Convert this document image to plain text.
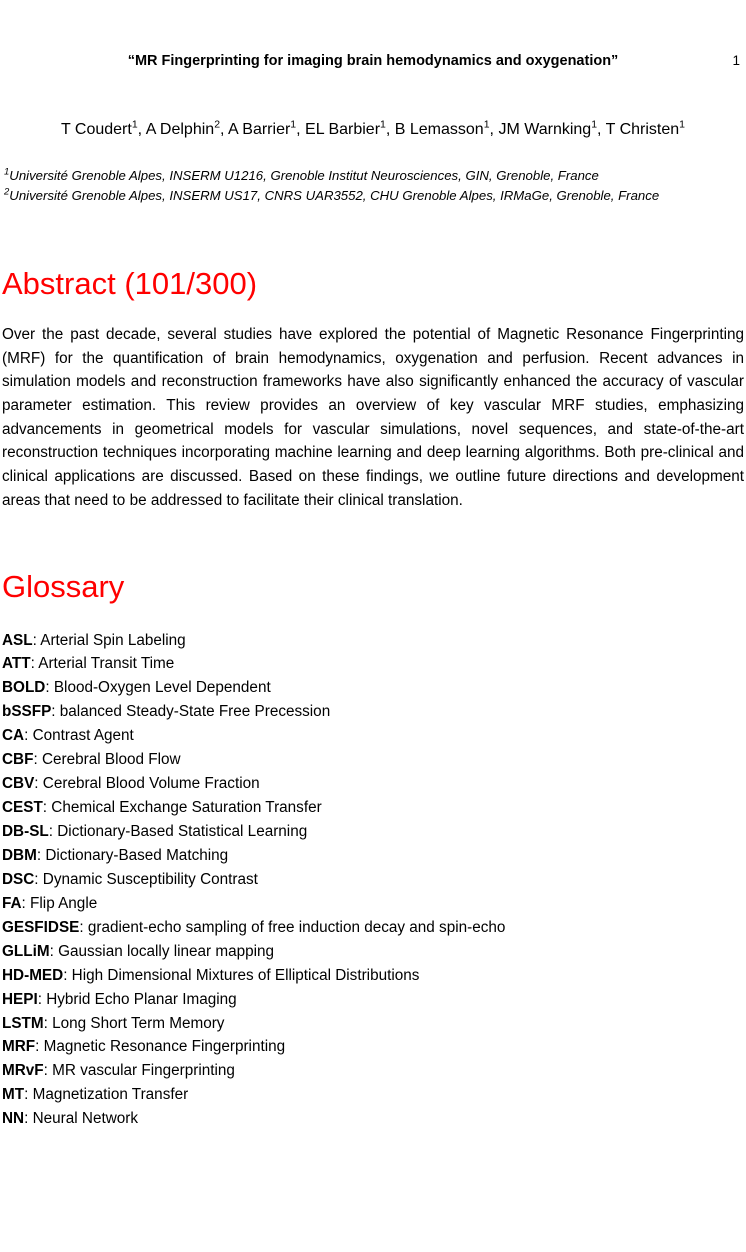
1
“MR Fingerprinting for imaging brain hemodynamics and oxygenation”
T Coudert$^1$, A Delphin$^2$, A Barrier$^1$, EL Barbier$^1$, B Lemasson$^1$, JM Warnking$^1$, T Christen$^1$
$^1$Université Grenoble Alpes, INSERM U1216, Grenoble Institut Neurosciences, GIN, Grenoble, France
$^2$Université Grenoble Alpes, INSERM US17, CNRS UAR3552, CHU Grenoble Alpes, IRMaGe, Grenoble, France
Abstract (101/300)
Over the past decade, several studies have explored the potential of Magnetic Resonance Fingerprinting (MRF) for the quantification of brain hemodynamics, oxygenation and perfusion. Recent advances in simulation models and reconstruction frameworks have also significantly enhanced the accuracy of vascular parameter estimation. This review provides an overview of key vascular MRF studies, emphasizing advancements in geometrical models for vascular simulations, novel sequences, and state-of-the-art reconstruction techniques incorporating machine learning and deep learning algorithms. Both pre-clinical and clinical applications are discussed. Based on these findings, we outline future directions and development areas that need to be addressed to facilitate their clinical translation.
Glossary
ASL: Arterial Spin Labeling
ATT: Arterial Transit Time
BOLD: Blood-Oxygen Level Dependent
bSSFP: balanced Steady-State Free Precession
CA: Contrast Agent
CBF: Cerebral Blood Flow
CBV: Cerebral Blood Volume Fraction
CEST: Chemical Exchange Saturation Transfer
DB-SL: Dictionary-Based Statistical Learning
DBM: Dictionary-Based Matching
DSC: Dynamic Susceptibility Contrast
FA: Flip Angle
GESFIDSE: gradient-echo sampling of free induction decay and spin-echo
GLLiM: Gaussian locally linear mapping
HD-MED: High Dimensional Mixtures of Elliptical Distributions
HEPI: Hybrid Echo Planar Imaging
LSTM: Long Short Term Memory
MRF: Magnetic Resonance Fingerprinting
MRvF: MR vascular Fingerprinting
MT: Magnetization Transfer
NN: Neural Network
